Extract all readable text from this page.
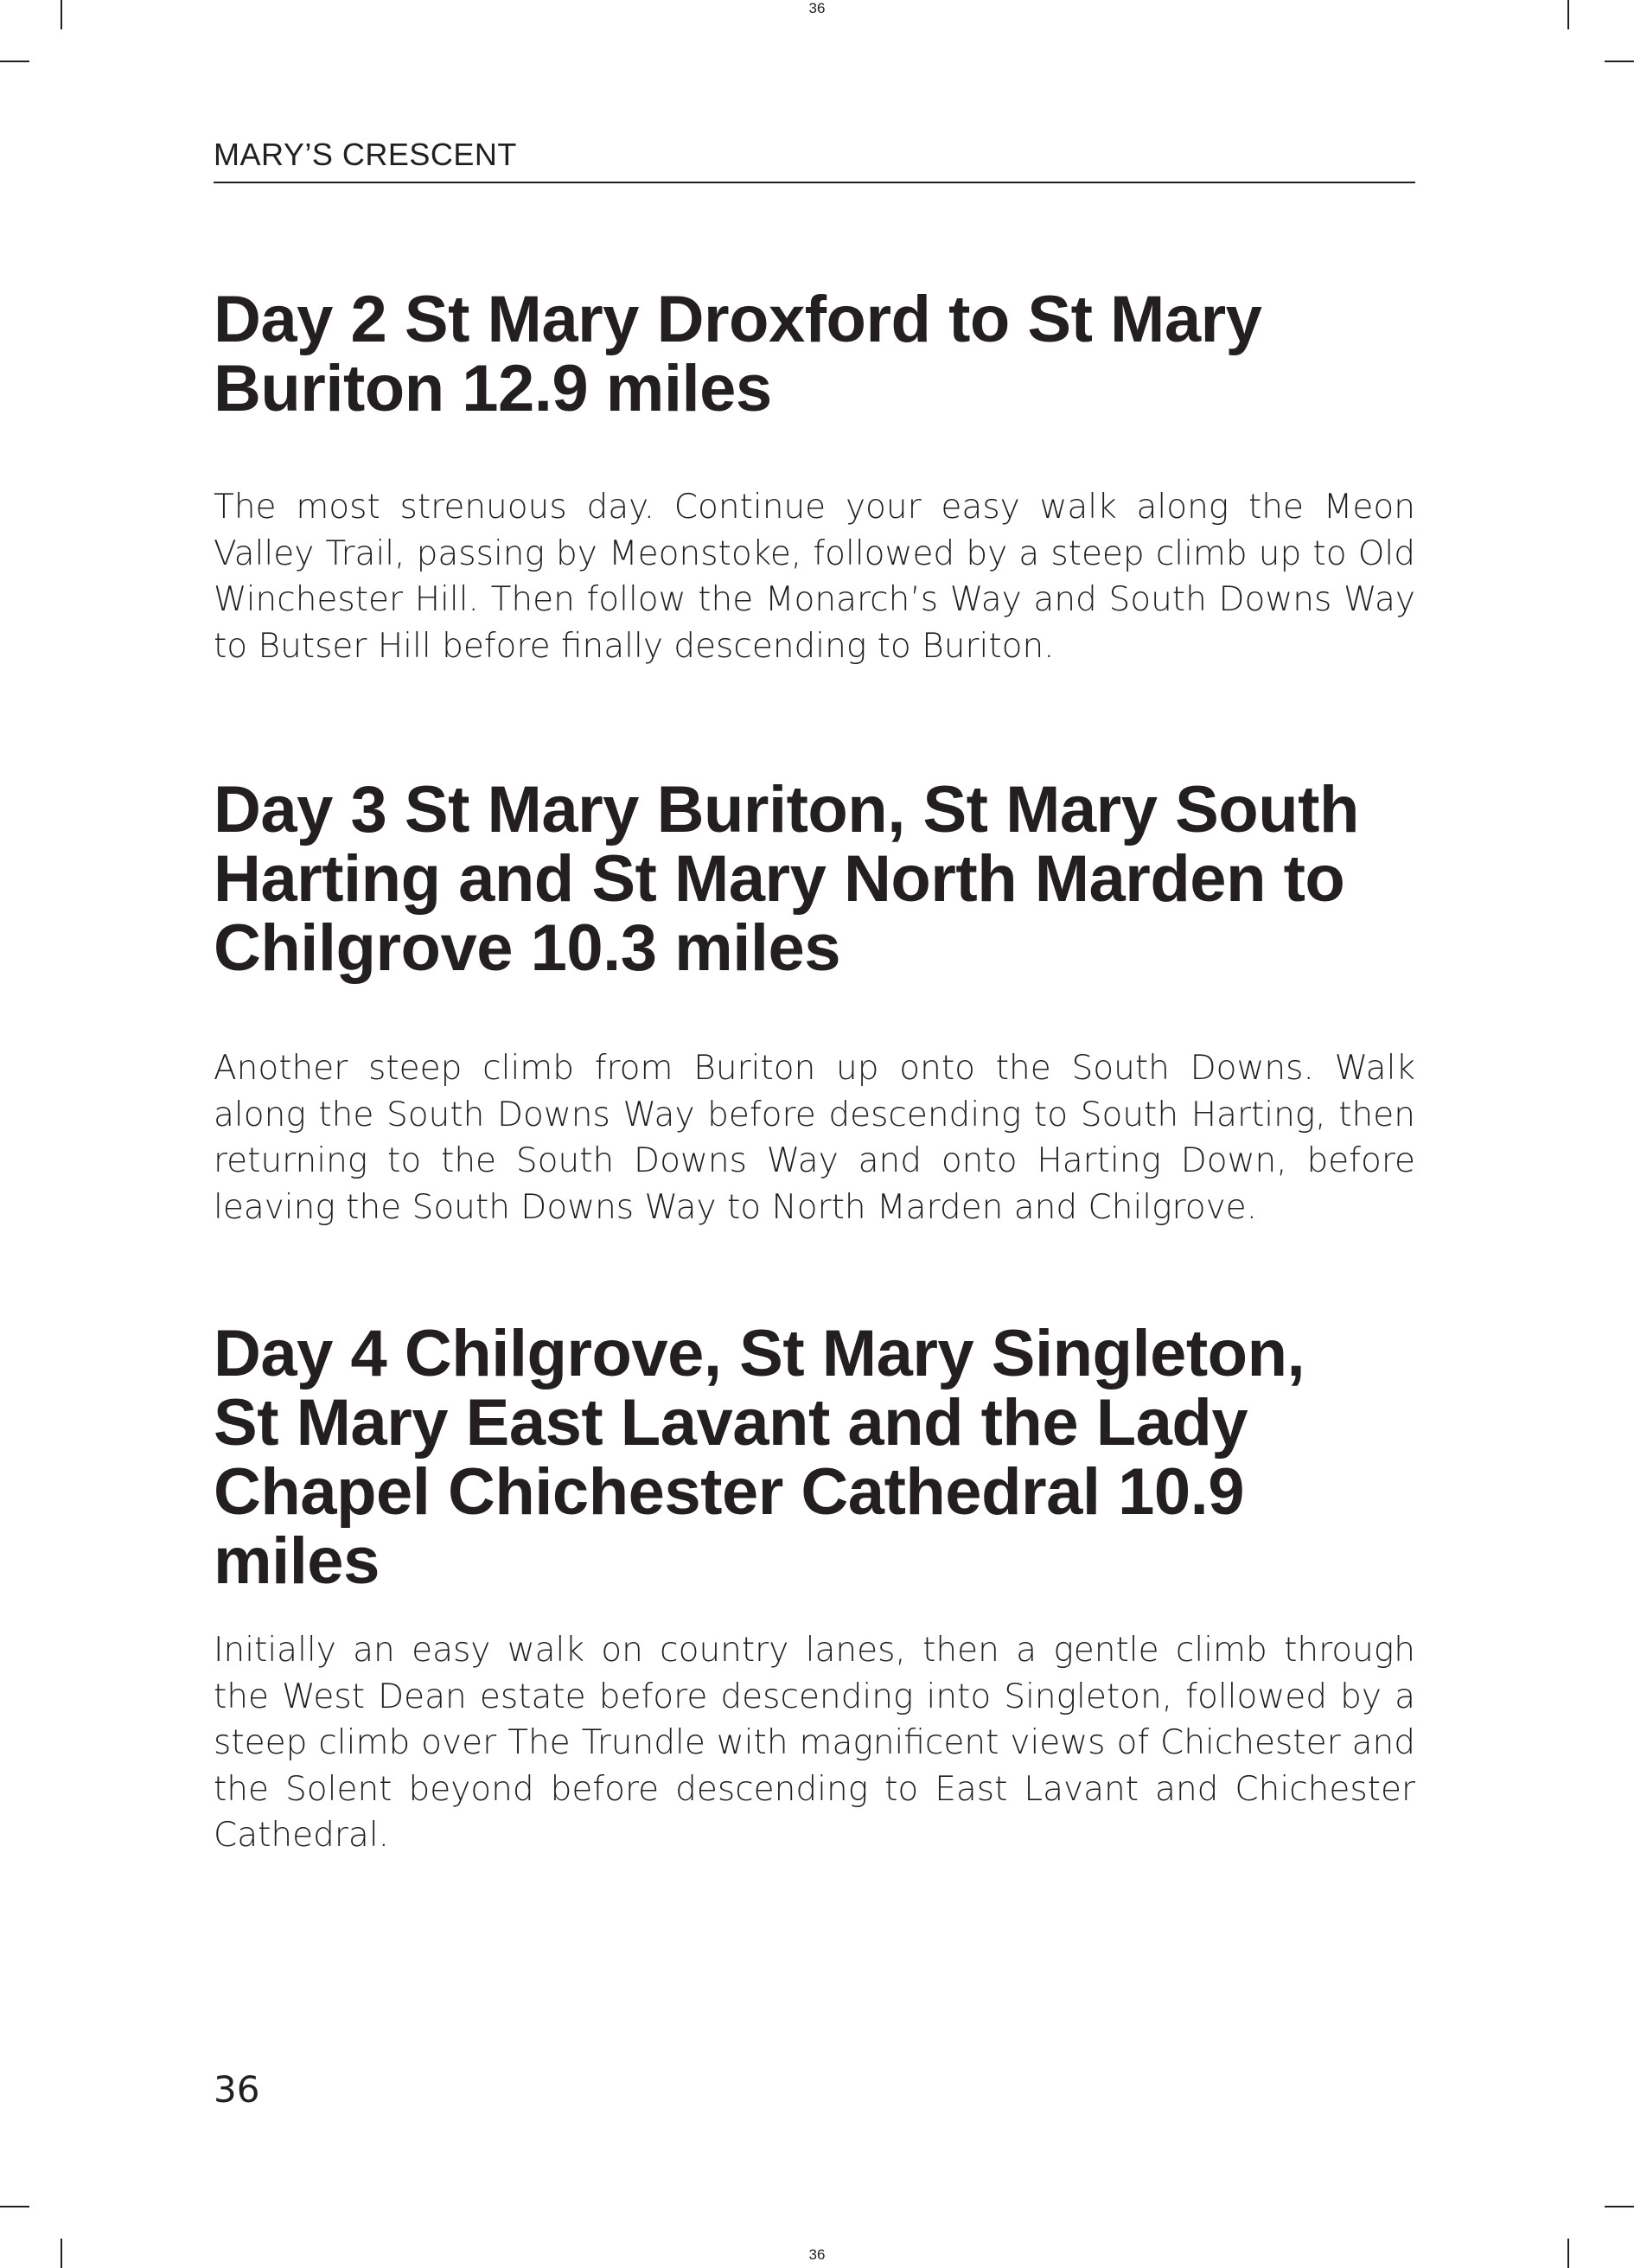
36
MARY’S CRESCENT
Day 2 St Mary Droxford to St Mary Buriton 12.9 miles

The most strenuous day. Continue your easy walk along the Meon Valley Trail, passing by Meonstoke, followed by a steep climb up to Old Winchester Hill. Then follow the Monarch’s Way and South Downs Way to Butser Hill before finally descending to Buriton.

Day 3 St Mary Buriton, St Mary South Harting and St Mary North Marden to Chilgrove 10.3 miles

Another steep climb from Buriton up onto the South Downs. Walk along the South Downs Way before descending to South Harting, then returning to the South Downs Way and onto Harting Down, before leaving the South Downs Way to North Marden and Chilgrove.

Day 4 Chilgrove, St Mary Singleton, St Mary East Lavant and the Lady Chapel Chichester Cathedral 10.9 miles

Initially an easy walk on country lanes, then a gentle climb through the West Dean estate before descending into Singleton, followed by a steep climb over The Trundle with magnificent views of Chichester and the Solent beyond before descending to East Lavant and Chichester Cathedral.

36
36
